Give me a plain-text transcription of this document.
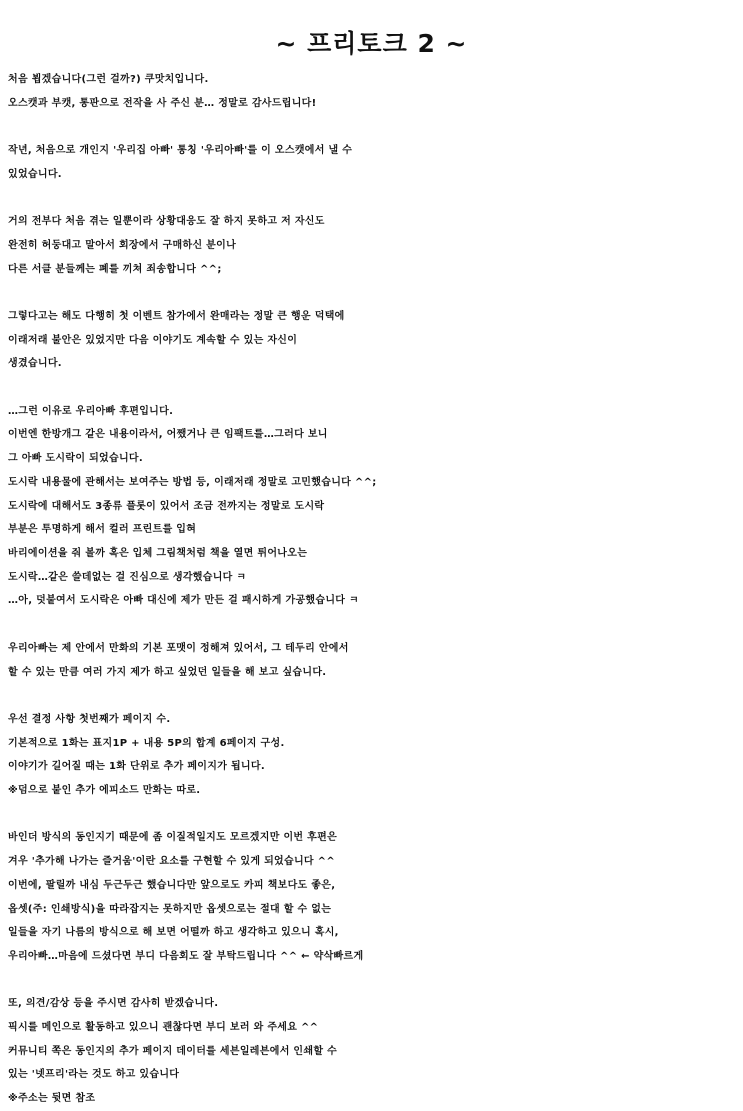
~ 프리토크 2 ~
처음 뵙겠습니다(그런 걸까?) 쿠맛치입니다.
오스캣과 부캣, 통판으로 전작을 사 주신 분… 정말로 감사드립니다!
작년, 처음으로 개인지 '우리집 아빠' 통칭 '우리아빠'를 이 오스캣에서 낼 수
있었습니다.
거의 전부다 처음 겪는 일뿐이라 상황대응도 잘 하지 못하고 저 자신도
완전히 허둥대고 말아서 회장에서 구매하신 분이나
다른 서클 분들께는 폐를 끼쳐 죄송합니다 ^^;
그렇다고는 해도 다행히 첫 이벤트 참가에서 완매라는 정말 큰 행운 덕택에
이래저래 불안은 있었지만 다음 이야기도 계속할 수 있는 자신이
생겼습니다.
…그런 이유로 우리아빠 후편입니다.
이번엔 한방개그 같은 내용이라서, 어쨌거나 큰 임팩트를…그러다 보니
그 아빠 도시락이 되었습니다.
도시락 내용물에 관해서는 보여주는 방법 등, 이래저래 정말로 고민했습니다 ^^;
도시락에 대해서도 3종류 플롯이 있어서 조금 전까지는 정말로 도시락
부분은 투명하게 해서 컬러 프린트를 입혀
바리에이션을 줘 볼까 혹은 입체 그림책처럼 책을 열면 튀어나오는
도시락…같은 쓸데없는 걸 진심으로 생각했습니다 ㅋ
…아, 덧붙여서 도시락은 아빠 대신에 제가 만든 걸 패시하게 가공했습니다 ㅋ
우리아빠는 제 안에서 만화의 기본 포맷이 정해져 있어서, 그 테두리 안에서
할 수 있는 만큼 여러 가지 제가 하고 싶었던 일들을 해 보고 싶습니다.
우선 결정 사항 첫번째가 페이지 수.
기본적으로 1화는 표지1P + 내용 5P의 합계 6페이지 구성.
이야기가 길어질 때는 1화 단위로 추가 페이지가 됩니다.
※덤으로 붙인 추가 에피소드 만화는 따로.
바인더 방식의 동인지기 때문에 좀 이질적일지도 모르겠지만 이번 후편은
겨우 '추가해 나가는 즐거움'이란 요소를 구현할 수 있게 되었습니다 ^^
이번에, 팔릴까 내심 두근두근 했습니다만 앞으로도 카피 책보다도 좋은,
옵셋(주: 인쇄방식)을 따라잡지는 못하지만 옵셋으로는 절대 할 수 없는
일들을 자기 나름의 방식으로 해 보면 어떨까 하고 생각하고 있으니 혹시,
우리아빠…마음에 드셨다면 부디 다음회도 잘 부탁드립니다 ^^ ← 약삭빠르게
또, 의견/감상 등을 주시면 감사히 받겠습니다.
픽시를 메인으로 활동하고 있으니 괜찮다면 부디 보러 와 주세요 ^^
커뮤니티 쪽은 동인지의 추가 페이지 데이터를 세븐일레븐에서 인쇄할 수
있는 '넷프리'라는 것도 하고 있습니다
※주소는 뒷면 참조
